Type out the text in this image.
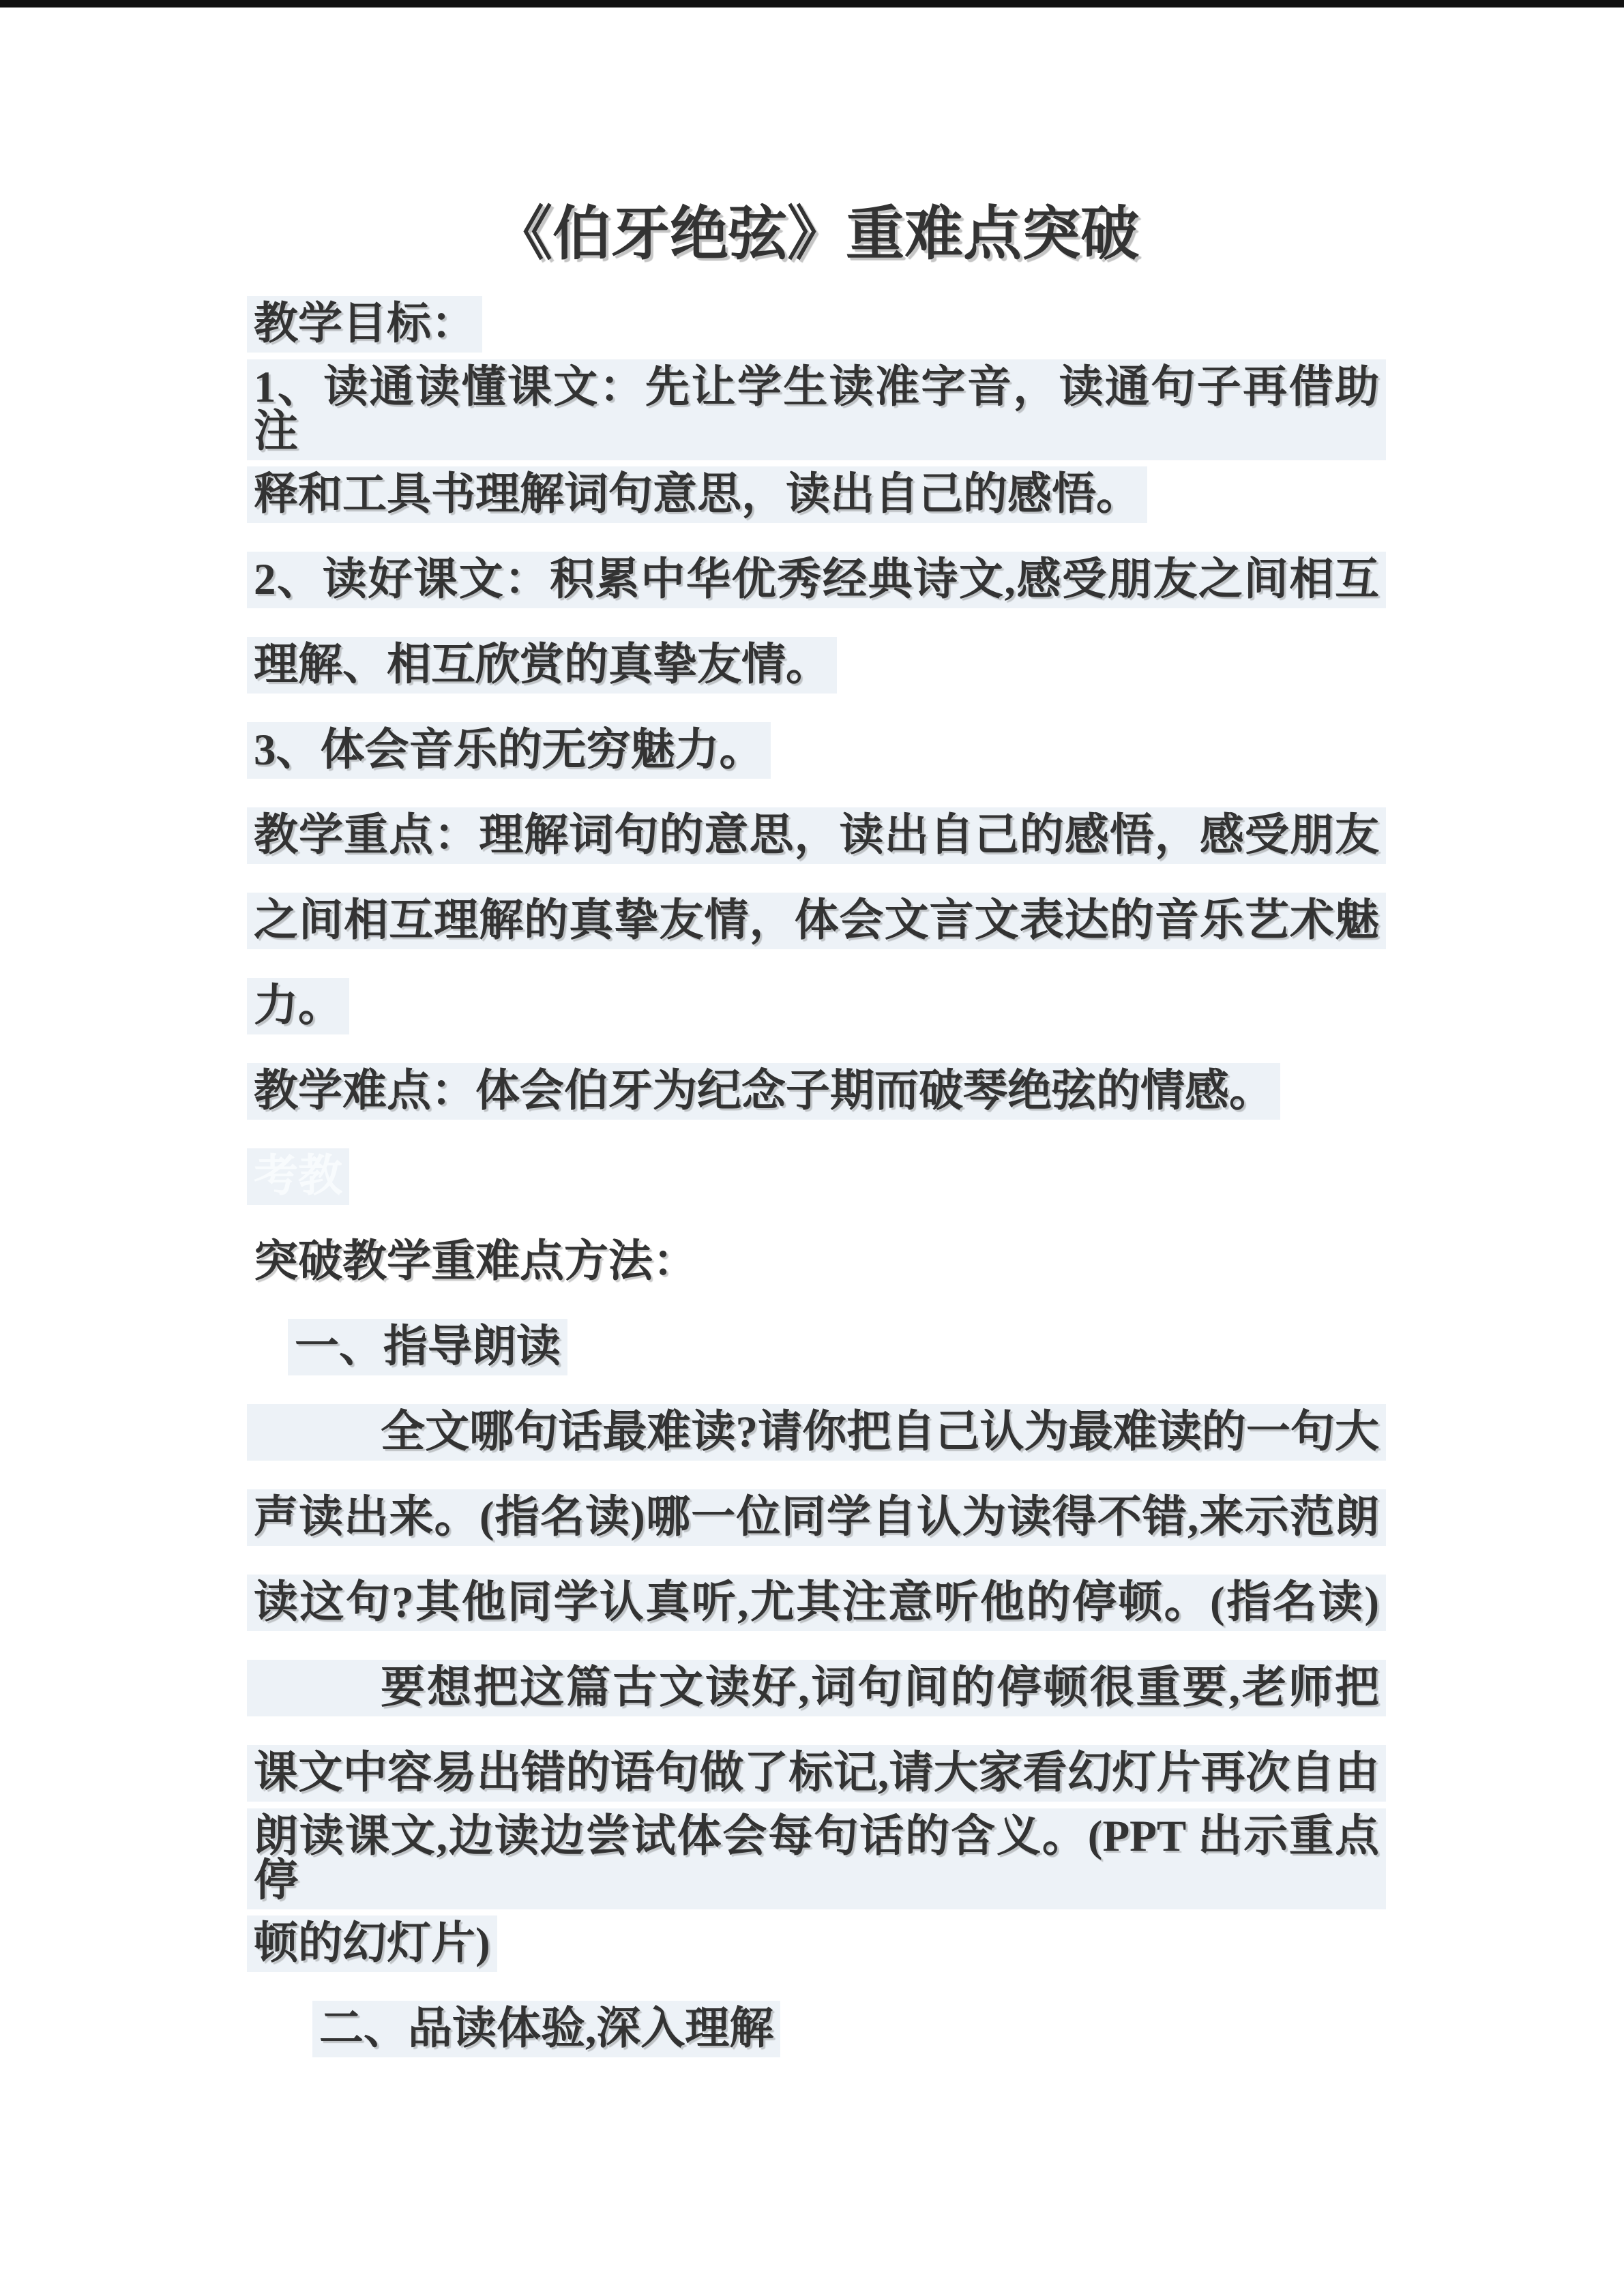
《伯牙绝弦》重难点突破
教学目标：
1、读通读懂课文：先让学生读准字音，读通句子再借助注
释和工具书理解词句意思，读出自己的感悟。
2、读好课文：积累中华优秀经典诗文,感受朋友之间相互
理解、相互欣赏的真挚友情。
3、体会音乐的无穷魅力。
教学重点：理解词句的意思，读出自己的感悟，感受朋友
之间相互理解的真挚友情，体会文言文表达的音乐艺术魅
力。
教学难点：体会伯牙为纪念子期而破琴绝弦的情感。
考教
突破教学重难点方法：
一、指导朗读
全文哪句话最难读?请你把自己认为最难读的一句大
声读出来。(指名读)哪一位同学自认为读得不错,来示范朗
读这句?其他同学认真听,尤其注意听他的停顿。(指名读)
要想把这篇古文读好,词句间的停顿很重要,老师把
课文中容易出错的语句做了标记,请大家看幻灯片再次自由
朗读课文,边读边尝试体会每句话的含义。(PPT 出示重点停
顿的幻灯片)
二、品读体验,深入理解
